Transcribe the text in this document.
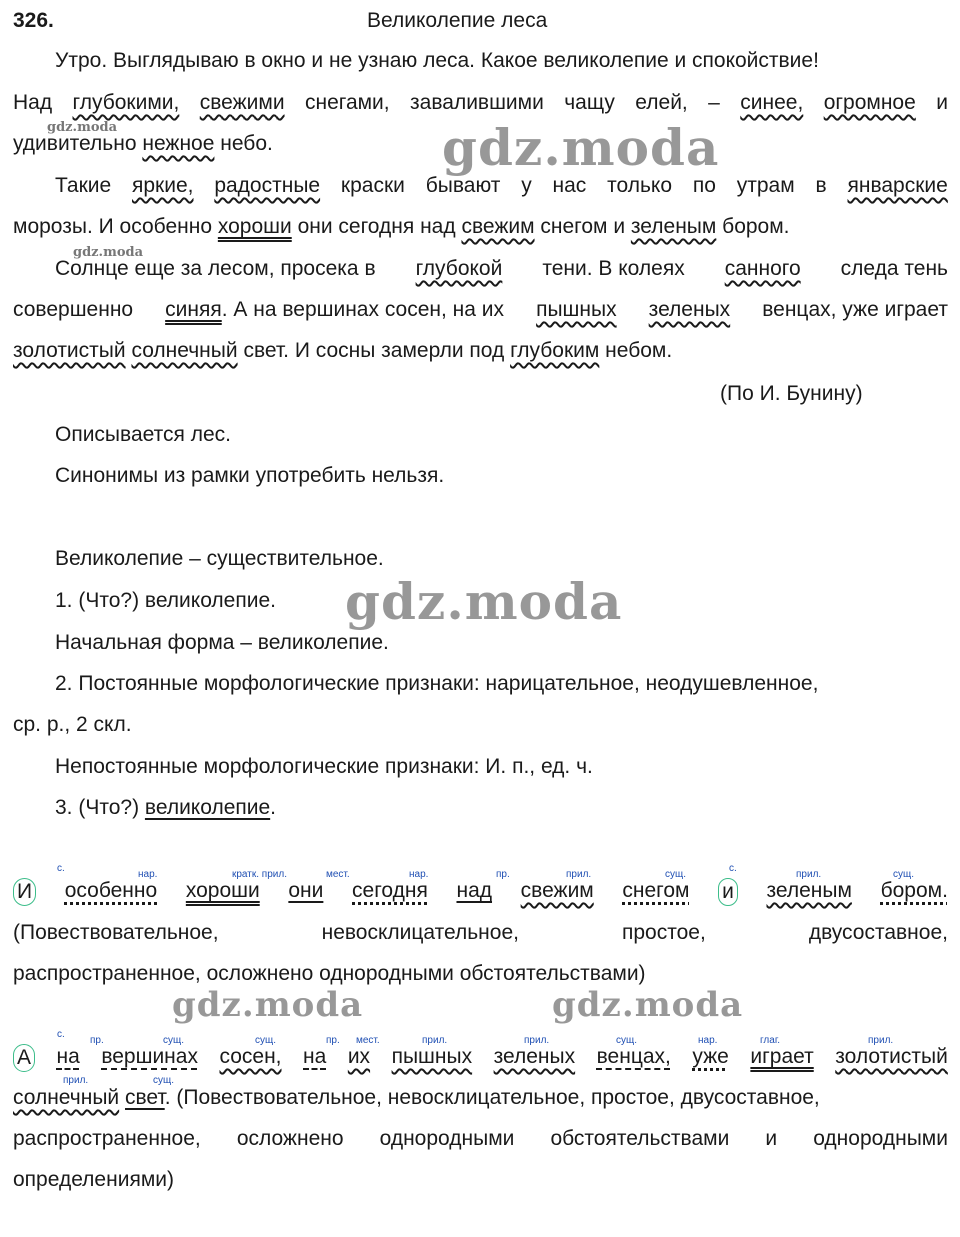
326.	Великолепие леса
Утро. Выглядываю в окно и не узнаю леса. Какое великолепие и спокойствие!
Над глубокими, свежими снегами, завалившими чащу елей, – синее, огромное и
удивительно нежное небо.
Такие яркие, радостные краски бывают у нас только по утрам в январские
морозы. И особенно хороши они сегодня над свежим снегом и зеленым бором.
Солнце еще за лесом, просека в глубокой тени. В колеях санного следа тень
совершенно синяя. А на вершинах сосен, на их пышных зеленых венцах, уже играет
золотистый солнечный свет. И сосны замерли под глубоким небом.
(По И. Бунину)
Описывается лес.
Синонимы из рамки употребить нельзя.
Великолепие – существительное.
1. (Что?) великолепие.
Начальная форма – великолепие.
2. Постоянные морфологические признаки: нарицательное, неодушевленное,
ср. р., 2 скл.
Непостоянные морфологические признаки: И. п., ед. ч.
3. (Что?) великолепие.
с.
нар.	кратк. прил.	мест.	нар.	пр.	прил.	сущ.
с.
прил.	сущ.
И особенно хороши они сегодня над свежим снегом и зеленым бором.
(Повествовательное,	невосклицательное,	простое,	двусоставное,
распространенное, осложнено однородными обстоятельствами)
с.
пр.	сущ.	сущ.	пр. мест.	прил.	прил.	сущ.	нар.	глаг.	прил.
А на вершинах сосен, на их пышных зеленых венцах, уже играет золотистый
прил.	сущ.
солнечный свет. (Повествовательное, невосклицательное, простое, двусоставное,
распространенное, осложнено однородными обстоятельствами и однородными
определениями)
gdz.moda
gdz.moda
gdz.moda	gdz.moda
gdz.moda
gdz.moda
